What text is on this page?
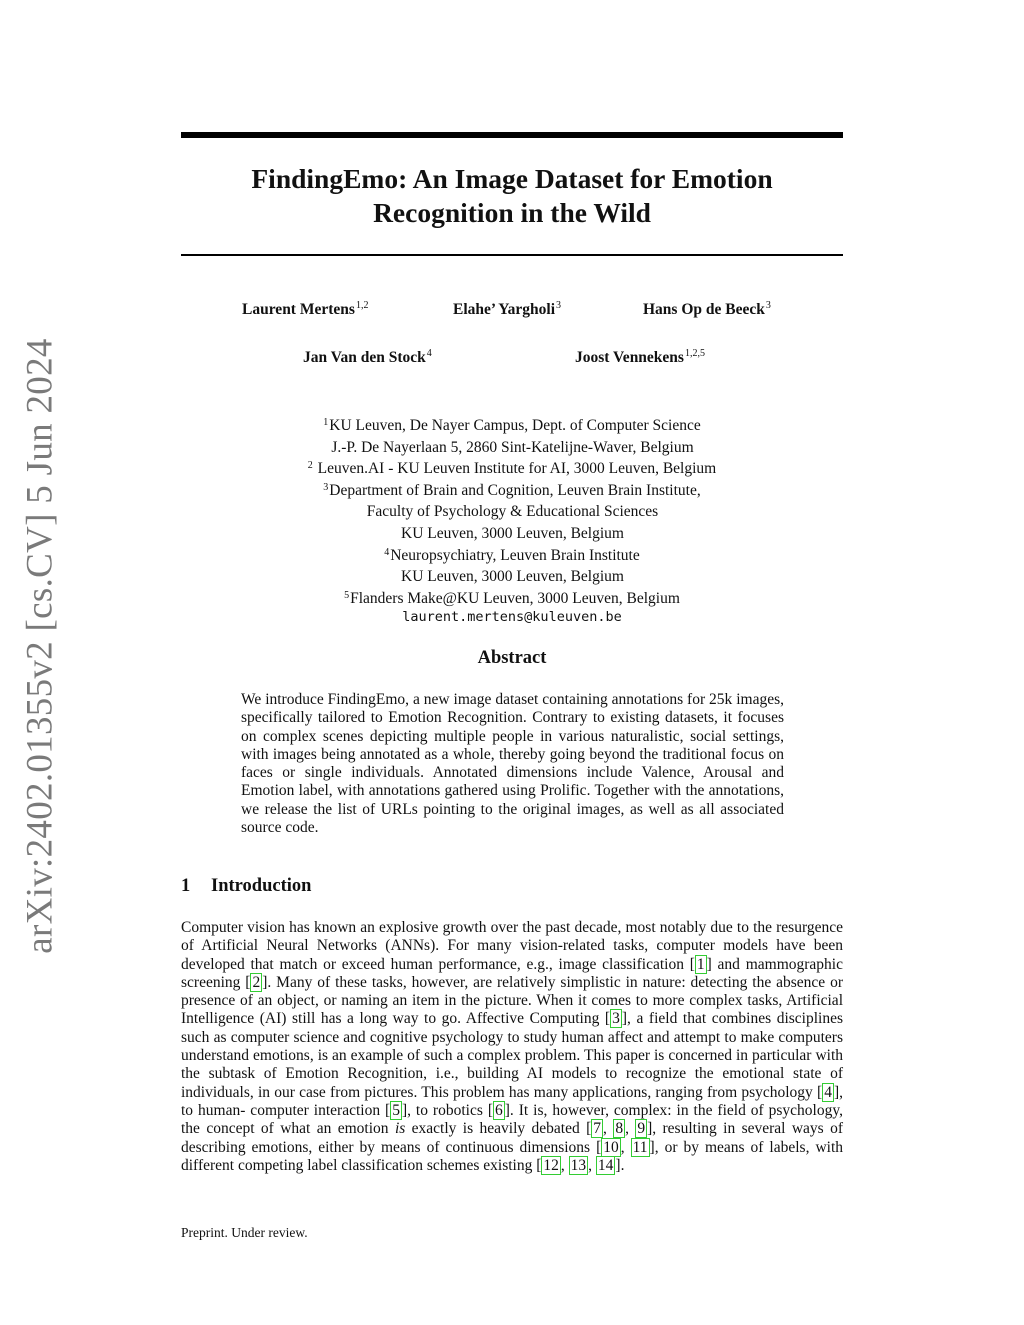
arXiv:2402.01355v2 [cs.CV] 5 Jun 2024
FindingEmo: An Image Dataset for Emotion
Recognition in the Wild
Laurent Mertens$^{1,2}$	Elahe’ Yargholi$^3$	Hans Op de Beeck$^3$
Jan Van den Stock$^4$	Joost Vennekens$^{1,2,5}$
$^1$KU Leuven, De Nayer Campus, Dept. of Computer Science
J.-P. De Nayerlaan 5, 2860 Sint-Katelijne-Waver, Belgium
$^2$ Leuven.AI - KU Leuven Institute for AI, 3000 Leuven, Belgium
$^3$Department of Brain and Cognition, Leuven Brain Institute,
Faculty of Psychology & Educational Sciences
KU Leuven, 3000 Leuven, Belgium
$^4$Neuropsychiatry, Leuven Brain Institute
KU Leuven, 3000 Leuven, Belgium
$^5$Flanders Make@KU Leuven, 3000 Leuven, Belgium
laurent.mertens@kuleuven.be
Abstract

We introduce FindingEmo, a new image dataset containing annotations for 25k images, specifically tailored to Emotion Recognition. Contrary to existing datasets, it focuses on complex scenes depicting multiple people in various naturalistic, social settings, with images being annotated as a whole, thereby going beyond the traditional focus on faces or single individuals. Annotated dimensions include Valence, Arousal and Emotion label, with annotations gathered using Prolific. Together with the annotations, we release the list of URLs pointing to the original images, as well as all associated source code.

1 Introduction

Computer vision has known an explosive growth over the past decade, most notably due to the resurgence of Artificial Neural Networks (ANNs). For many vision-related tasks, computer models have been developed that match or exceed human performance, e.g., image classification [ 1 ] and mammographic screening [ 2 ]. Many of these tasks, however, are relatively simplistic in nature: detecting the absence or presence of an object, or naming an item in the picture. When it comes to more complex tasks, Artificial Intelligence (AI) still has a long way to go. Affective Computing [ 3 ], a field that combines disciplines such as computer science and cognitive psychology to study human affect and attempt to make computers understand emotions, is an example of such a complex problem. This paper is concerned in particular with the subtask of Emotion Recognition, i.e., building AI models to recognize the emotional state of individuals, in our case from pictures. This problem has many applications, ranging from psychology [ 4 ], to human- computer interaction [ 5 ], to robotics [ 6 ]. It is, however, complex: in the field of psychology, the concept of what an emotion is exactly is heavily debated [ 7 , 8 , 9 ], resulting in several ways of describing emotions, either by means of continuous dimensions [ 10 , 11 ], or by means of labels, with different competing label classification schemes existing [ 12 , 13 , 14 ].

Preprint. Under review.
